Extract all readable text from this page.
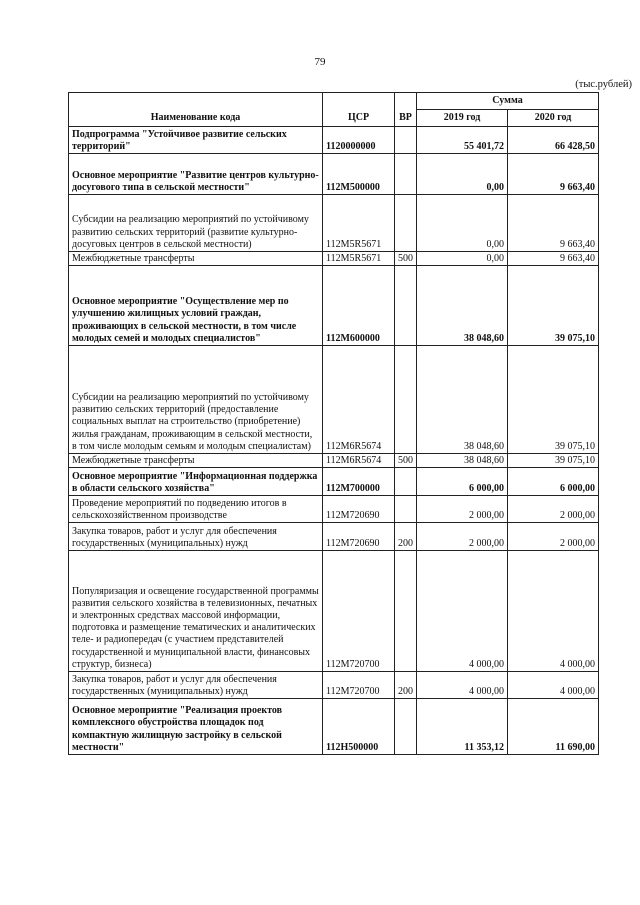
79
(тыс.рублей)
Наименование кода	ЦСР	ВР	Сумма	
			2019 год	2020 год
Подпрограмма "Устойчивое развитие сельских территорий"	1120000000		55 401,72	66 428,50
Основное мероприятие "Развитие центров культурно-досугового типа в сельской местности"	112M500000		0,00	9 663,40
Субсидии на реализацию мероприятий по устойчивому развитию сельских территорий (развитие культурно-досуговых центров в сельской местности)	112M5R5671		0,00	9 663,40
Межбюджетные трансферты	112M5R5671	500	0,00	9 663,40
Основное мероприятие "Осуществление мер по улучшению жилищных условий граждан, проживающих в сельской местности, в том числе молодых семей и молодых специалистов"	112M600000		38 048,60	39 075,10
Субсидии на реализацию мероприятий по устойчивому развитию сельских территорий (предоставление социальных выплат на строительство (приобретение) жилья гражданам, проживающим в сельской местности, в том числе молодым семьям и молодым специалистам)	112M6R5674		38 048,60	39 075,10
Межбюджетные трансферты	112M6R5674	500	38 048,60	39 075,10
Основное мероприятие "Информационная поддержка в области сельского хозяйства"	112M700000		6 000,00	6 000,00
Проведение мероприятий по подведению итогов в сельскохозяйственном производстве	112M720690		2 000,00	2 000,00
Закупка товаров, работ и услуг для обеспечения государственных (муниципальных) нужд	112M720690	200	2 000,00	2 000,00
Популяризация и освещение государственной программы развития сельского хозяйства в телевизионных, печатных и электронных средствах массовой информации, подготовка и размещение тематических и аналитических теле- и радиопередач (с участием представителей государственной и муниципальной власти, финансовых структур, бизнеса)	112M720700		4 000,00	4 000,00
Закупка товаров, работ и услуг для обеспечения государственных (муниципальных) нужд	112M720700	200	4 000,00	4 000,00
Основное мероприятие "Реализация проектов комплексного обустройства площадок под компактную жилищную застройку в сельской местности"	112H500000		11 353,12	11 690,00
